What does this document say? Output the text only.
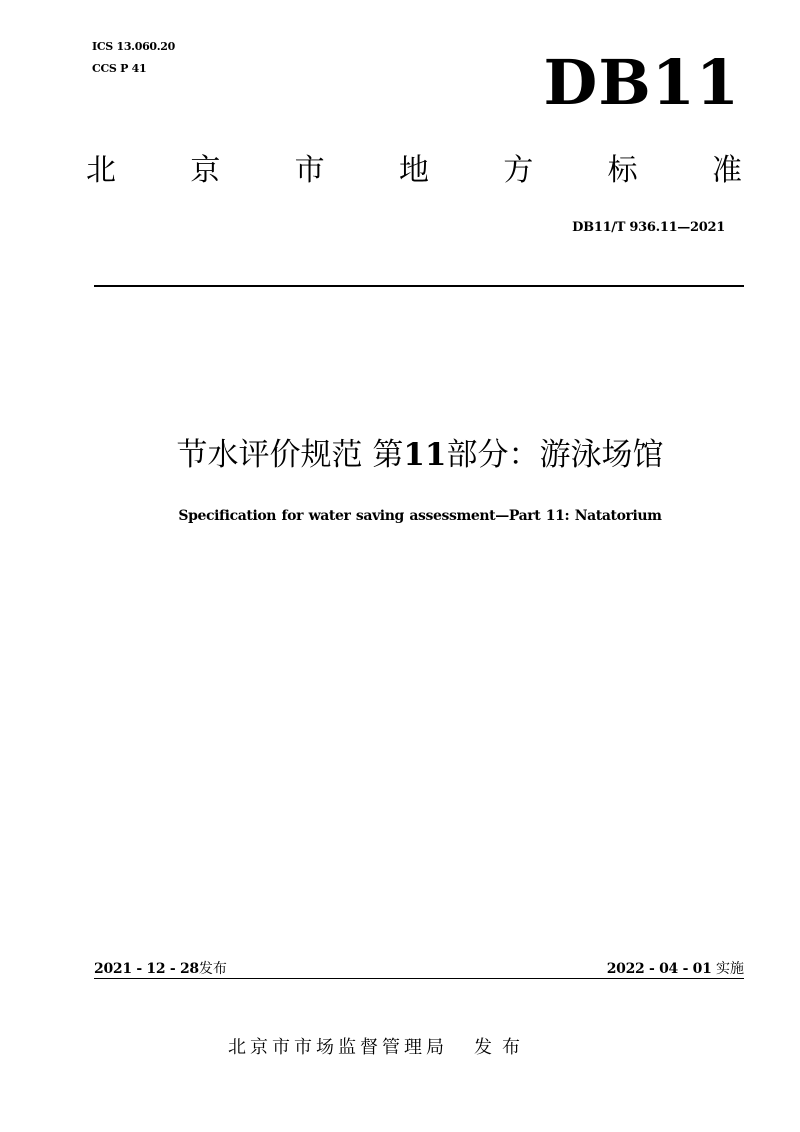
ICS 13.060.20
CCS P 41	DB11
北 京 市 地 方 标 准
DB11/T 936.11—2021
节水评价规范 第11部分：游泳场馆
Specification for water saving assessment—Part 11: Natatorium
2021 - 12 - 28发布	2022 - 04 - 01 实施
北京市市场监督管理局 发布
